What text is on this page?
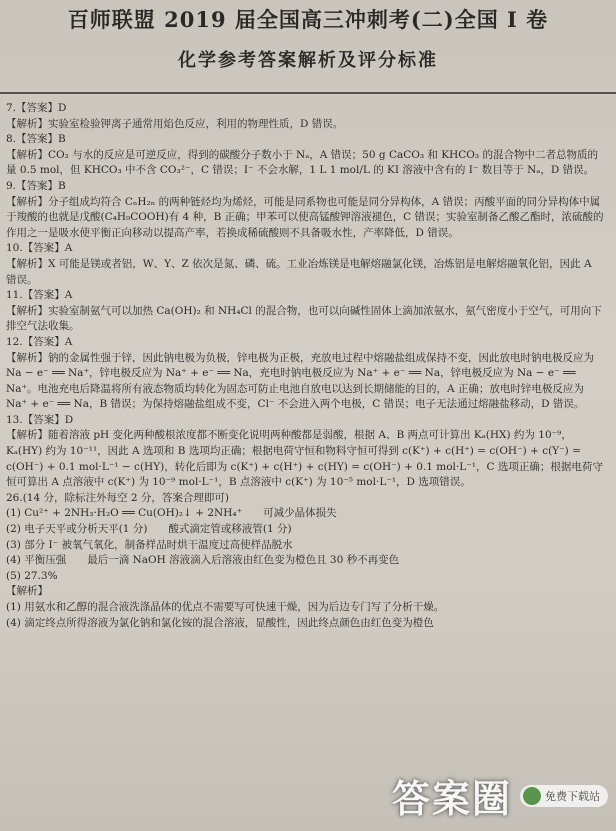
百师联盟 2019 届全国高三冲刺考(二)全国 I 卷
化学参考答案解析及评分标准
7.【答案】D
【解析】实验室检验钾离子通常用焰色反应，利用的物理性质，D 错误。
8.【答案】B
【解析】CO₂ 与水的反应是可逆反应，得到的碳酸分子数小于 Nₐ，A 错误；50 g CaCO₃ 和 KHCO₃ 的混合物中二者总物质的量 0.5 mol，但 KHCO₃ 中不含 CO₃²⁻，C 错误；I⁻ 不会水解，1 L 1 mol/L 的 KI 溶液中含有的 I⁻ 数目等于 Nₐ，D 错误。
9.【答案】B
【解析】分子组成均符合 CₙH₂ₙ 的两种链烃均为烯烃，可能是同系物也可能是同分异构体，A 错误；丙酸平面的同分异构体中属于羧酸的也就是戊酸(C₄H₉COOH)有 4 种，B 正确；甲苯可以使高锰酸钾溶液褪色，C 错误；实验室制备乙酸乙酯时，浓硫酸的作用之一是吸水使平衡正向移动以提高产率，若换成稀硫酸则不具备吸水性，产率降低，D 错误。
10.【答案】A
【解析】X 可能是镁或者铝，W、Y、Z 依次是氮、磷、硫。工业冶炼镁是电解熔融氯化镁，冶炼铝是电解熔融氧化铝，因此 A 错误。
11.【答案】A
【解析】实验室制氨气可以加热 Ca(OH)₂ 和 NH₄Cl 的混合物，也可以向碱性固体上滴加浓氨水，氨气密度小于空气，可用向下排空气法收集。
12.【答案】A
【解析】钠的金属性强于锌，因此钠电极为负极，锌电极为正极，充放电过程中熔融盐组成保持不变，因此放电时钠电极反应为 Na − e⁻ ══ Na⁺，锌电极反应为 Na⁺ + e⁻ ══ Na，充电时钠电极反应为 Na⁺ + e⁻ ══ Na，锌电极反应为 Na − e⁻ ══ Na⁺。电池充电后降温将所有液态物质均转化为固态可防止电池自放电以达到长期储能的目的，A 正确；放电时锌电极反应为 Na⁺ + e⁻ ══ Na，B 错误；为保持熔融盐组成不变，Cl⁻ 不会进入两个电极，C 错误；电子无法通过熔融盐移动，D 错误。
13.【答案】D
【解析】随着溶液 pH 变化两种酸根浓度都不断变化说明两种酸都是弱酸，根据 A、B 两点可计算出 Kₐ(HX) 约为 10⁻⁹，Kₐ(HY) 约为 10⁻¹¹，因此 A 选项和 B 选项均正确；根据电荷守恒和物料守恒可得到 c(K⁺) + c(H⁺) = c(OH⁻) + c(Y⁻) = c(OH⁻) + 0.1 mol·L⁻¹ − c(HY)，转化后即为 c(K⁺) + c(H⁺) + c(HY) = c(OH⁻) + 0.1 mol·L⁻¹，C 选项正确；根据电荷守恒可算出 A 点溶液中 c(K⁺) 为 10⁻⁹ mol·L⁻¹，B 点溶液中 c(K⁺) 为 10⁻⁵ mol·L⁻¹，D 选项错误。
26.(14 分，除标注外每空 2 分，答案合理即可)
(1) Cu²⁺ + 2NH₃·H₂O ══ Cu(OH)₂↓ + 2NH₄⁺　　可减少晶体损失
(2) 电子天平或分析天平(1 分)　　酸式滴定管或移液管(1 分)
(3) 部分 I⁻ 被氧气氧化，制备样品时烘干温度过高使样品脱水
(4) 平衡压强　　最后一滴 NaOH 溶液滴入后溶液由红色变为橙色且 30 秒不再变色
(5) 27.3%
【解析】
(1) 用氨水和乙醇的混合液洗涤晶体的优点不需要写可快速干燥，因为后边专门写了分析干燥。
(4) 滴定终点所得溶液为氯化钠和氯化铵的混合溶液，显酸性，因此终点颜色由红色变为橙色
答案圈	免费下载站
